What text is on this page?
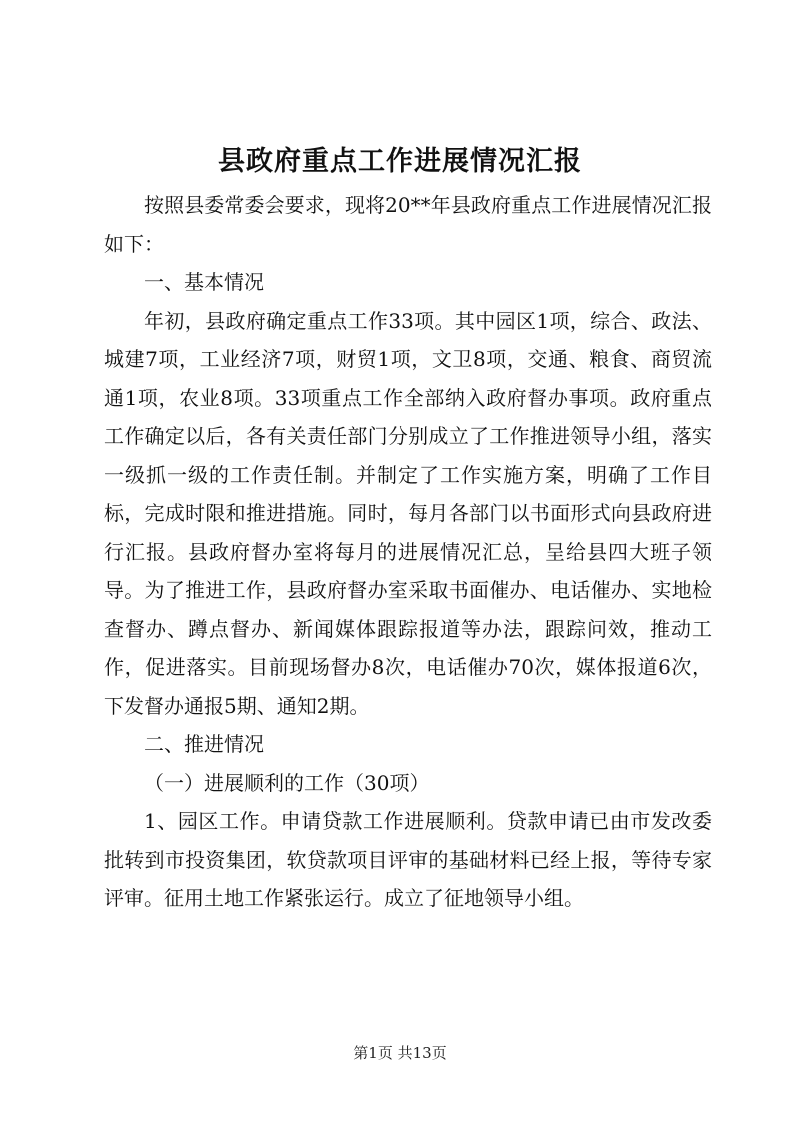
县政府重点工作进展情况汇报

按照县委常委会要求，现将20**年县政府重点工作进展情况汇报如下：

一、基本情况

年初，县政府确定重点工作33项。其中园区1项，综合、政法、城建7项，工业经济7项，财贸1项，文卫8项，交通、粮食、商贸流通1项，农业8项。33项重点工作全部纳入政府督办事项。政府重点工作确定以后，各有关责任部门分别成立了工作推进领导小组，落实一级抓一级的工作责任制。并制定了工作实施方案，明确了工作目标，完成时限和推进措施。同时，每月各部门以书面形式向县政府进行汇报。县政府督办室将每月的进展情况汇总，呈给县四大班子领导。为了推进工作，县政府督办室采取书面催办、电话催办、实地检查督办、蹲点督办、新闻媒体跟踪报道等办法，跟踪问效，推动工作，促进落实。目前现场督办8次，电话催办70次，媒体报道6次，下发督办通报5期、通知2期。

二、推进情况

（一）进展顺利的工作（30项）

1、园区工作。申请贷款工作进展顺利。贷款申请已由市发改委批转到市投资集团，软贷款项目评审的基础材料已经上报，等待专家评审。征用土地工作紧张运行。成立了征地领导小组。

第1页 共13页
